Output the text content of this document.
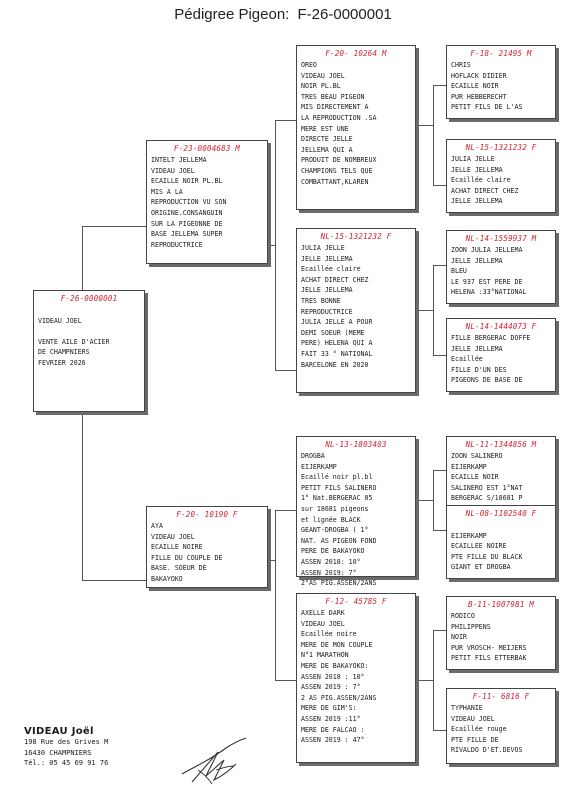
Pédigree Pigeon: F-26-0000001
F-26-0000001

VIDEAU JOEL

VENTE AILE D'ACIER
DE CHAMPNIERS
FEVRIER 2026
F-23-0004683 M
INTELT JELLEMA
VIDEAU JOEL
ECAILLE NOIR PL.BL
MIS A LA
REPRODUCTION VU SON
ORIGINE.CONSANGUIN
SUR LA PIGEONNE DE
BASE JELLEMA SUPER
REPRODUCTRICE
F-20- 10190 F
AYA
VIDEAU JOEL
ECAILLE NOIRE
FILLE DU COUPLE DE
BASE. SOEUR DE
BAKAYOKO
F-20- 10264 M
OREO
VIDEAU JOEL
NOIR PL.BL
TRES BEAU PIGEON
MIS DIRECTEMENT A
LA REPRODUCTION .SA
MERE EST UNE
DIRECTE JELLE
JELLEMA QUI A
PRODUIT DE NOMBREUX
CHAMPIONS TELS QUE
COMBATTANT,KLAREN
NL-15-1321232 F
JULIA JELLE
JELLE JELLEMA
Ecaillée claire
ACHAT DIRECT CHEZ
JELLE JELLEMA
TRES BONNE
REPRODUCTRICE
JULIA JELLE A POUR
DEMI SOEUR (MEME
PERE) HELENA QUI A
FAIT 33 ° NATIONAL
BARCELONE EN 2020
NL-13-1803403
DROGBA
EIJERKAMP
Ecaillé noir pl.bl
PETIT FILS SALINERO
1° Nat.BERGERAC 05
sur 18681 pigeons
et lignée BLACK
GEANT-DROGBA ( 1°
NAT. AS PIGEON FOND
PERE DE BAKAYOKO
ASSEN 2018: 10°
ASSEN 2019: 7°
2°AS PIG.ASSEN/2ANS
F-12- 45785 F
AXELLE DARK
VIDEAU JOEL
Ecaillée noire
MERE DE MON COUPLE
N°1 MARATHON
MERE DE BAKAYOKO:
ASSEN 2018 : 10°
ASSEN 2019 : 7°
2 AS PIG.ASSEN/2ANS
MERE DE GIM'S:
ASSEN 2019 :11°
MERE DE FALCAO :
ASSEN 2019 : 47°
F-18- 21495 M
CHRIS
HOFLACK DIDIER
ECAILLE NOIR
PUR HEBBERECHT
PETIT FILS DE L'AS
NL-15-1321232 F
JULIA JELLE
JELLE JELLEMA
Ecaillée claire
ACHAT DIRECT CHEZ
JELLE JELLEMA
NL-14-1559937 M
ZOON JULIA JELLEMA
JELLE JELLEMA
BLEU
LE 937 EST PERE DE
HELENA :33°NATIONAL
NL-14-1444073 F
FILLE BERGERAC DOFFE
JELLE JELLEMA
Ecaillée
FILLE D'UN DES
PIGEONS DE BASE DE
NL-11-1344856 M
ZOON SALINERO
EIJERKAMP
ECAILLE NOIR
SALINERO EST 1°NAT
BERGERAC S/18681 P
NL-08-1102540 F

EIJERKAMP
ECAILLEE NOIRE
PTE FILLE DU BLACK
GIANT ET DROGBA
B-11-1007981 M
RODICO
PHILIPPENS
NOIR
PUR VROSCH- MEIJERS
PETIT FILS ETTERBAK
F-11- 6816 F
TYPHANIE
VIDEAU JOEL
Ecaillée rouge
PTE FILLE DE
RIVALDO D'ET.DEVOS
VIDEAU Joël
198 Rue des Grives M
16430 CHAMPNIERS
Tél.: 05 45 69 91 76
